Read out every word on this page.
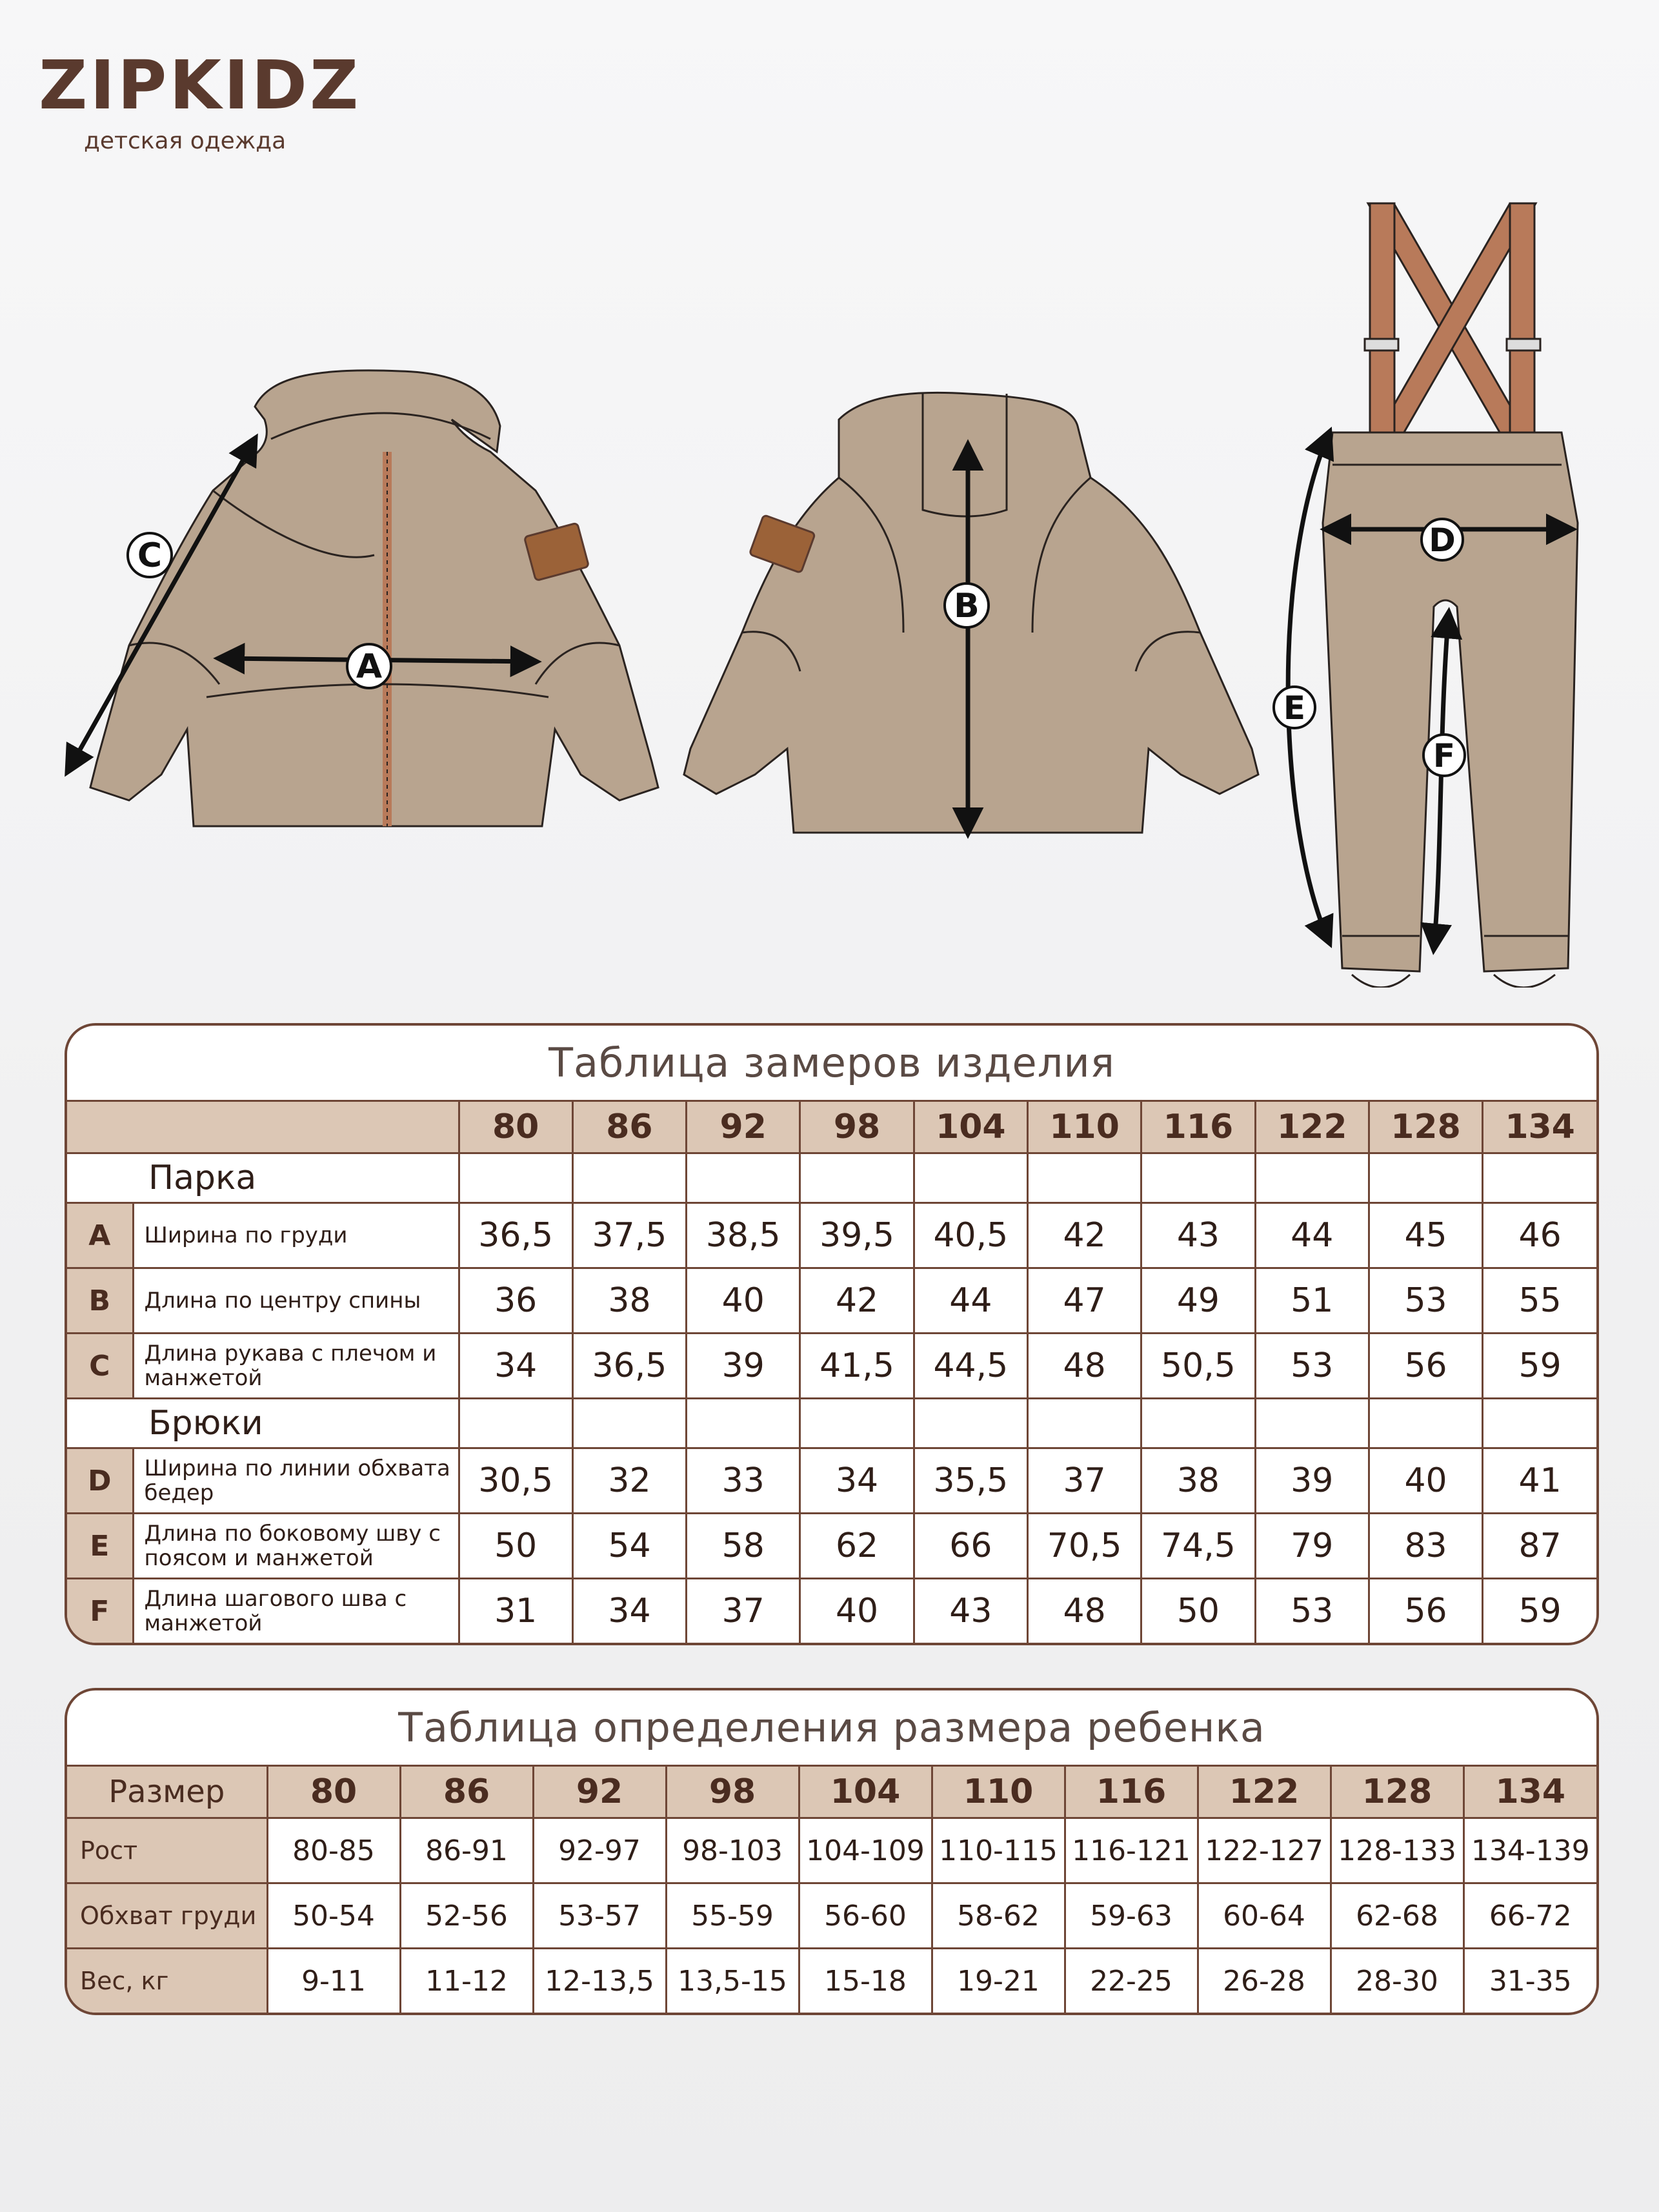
ZIPKIDZ
детская одежда
A
C
B
D
E
F
Таблица замеров изделия
		80	86	92	98	104	110	116	122	128	134
Парка											
A	Ширина по груди	36,5	37,5	38,5	39,5	40,5	42	43	44	45	46
B	Длина по центру спины	36	38	40	42	44	47	49	51	53	55
C	Длина рукава с плечом и манжетой	34	36,5	39	41,5	44,5	48	50,5	53	56	59
Брюки											
D	Ширина по линии обхвата бедер	30,5	32	33	34	35,5	37	38	39	40	41
E	Длина по боковому шву с поясом и манжетой	50	54	58	62	66	70,5	74,5	79	83	87
F	Длина шагового шва с манжетой	31	34	37	40	43	48	50	53	56	59
Таблица определения размера ребенка
Размер	80	86	92	98	104	110	116	122	128	134
Рост	80-85	86-91	92-97	98-103	104-109	110-115	116-121	122-127	128-133	134-139
Обхват груди	50-54	52-56	53-57	55-59	56-60	58-62	59-63	60-64	62-68	66-72
Вес, кг	9-11	11-12	12-13,5	13,5-15	15-18	19-21	22-25	26-28	28-30	31-35
